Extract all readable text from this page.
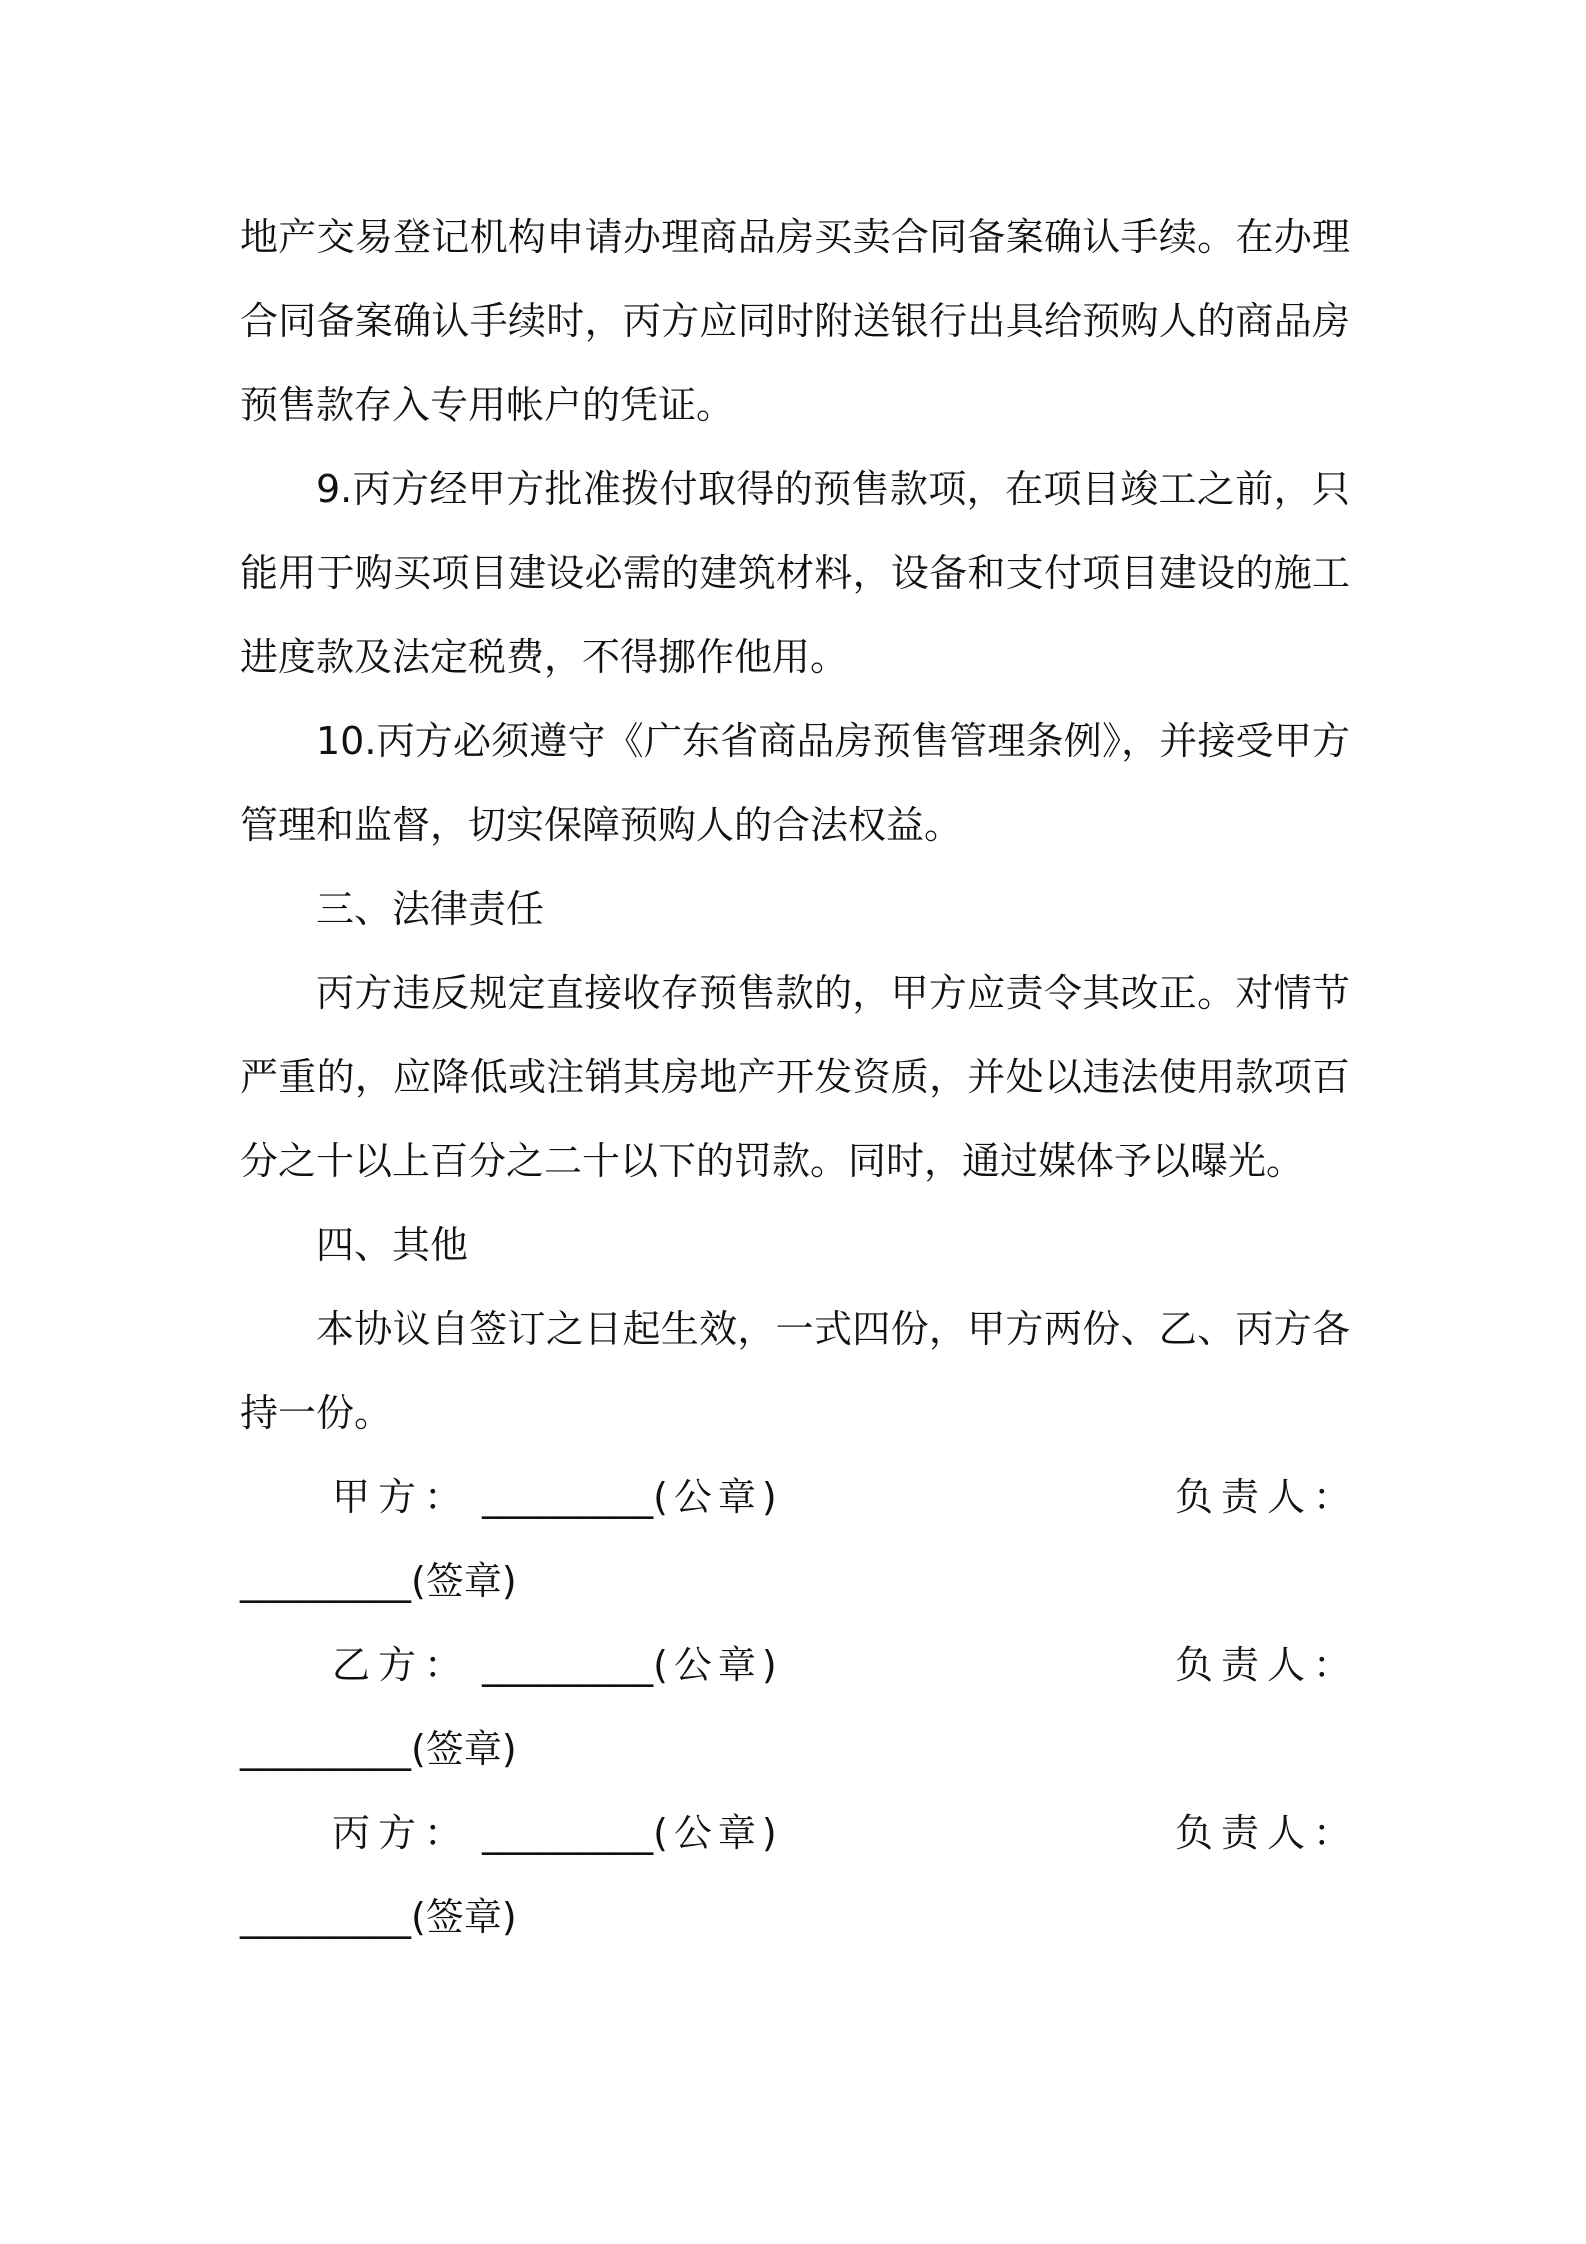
地产交易登记机构申请办理商品房买卖合同备案确认手续。在办理合同备案确认手续时，丙方应同时附送银行出具给预购人的商品房预售款存入专用帐户的凭证。

9.丙方经甲方批准拨付取得的预售款项，在项目竣工之前，只能用于购买项目建设必需的建筑材料，设备和支付项目建设的施工进度款及法定税费，不得挪作他用。

10.丙方必须遵守《广东省商品房预售管理条例》，并接受甲方管理和监督，切实保障预购人的合法权益。

三、法律责任

丙方违反规定直接收存预售款的，甲方应责令其改正。对情节严重的，应降低或注销其房地产开发资质，并处以违法使用款项百分之十以上百分之二十以下的罚款。同时，通过媒体予以曝光。

四、其他

本协议自签订之日起生效，一式四份，甲方两份、乙、丙方各持一份。

甲方： _________(公章)	负责人：
_________(签章)
乙方： _________(公章)	负责人：
_________(签章)
丙方： _________(公章)	负责人：
_________(签章)
